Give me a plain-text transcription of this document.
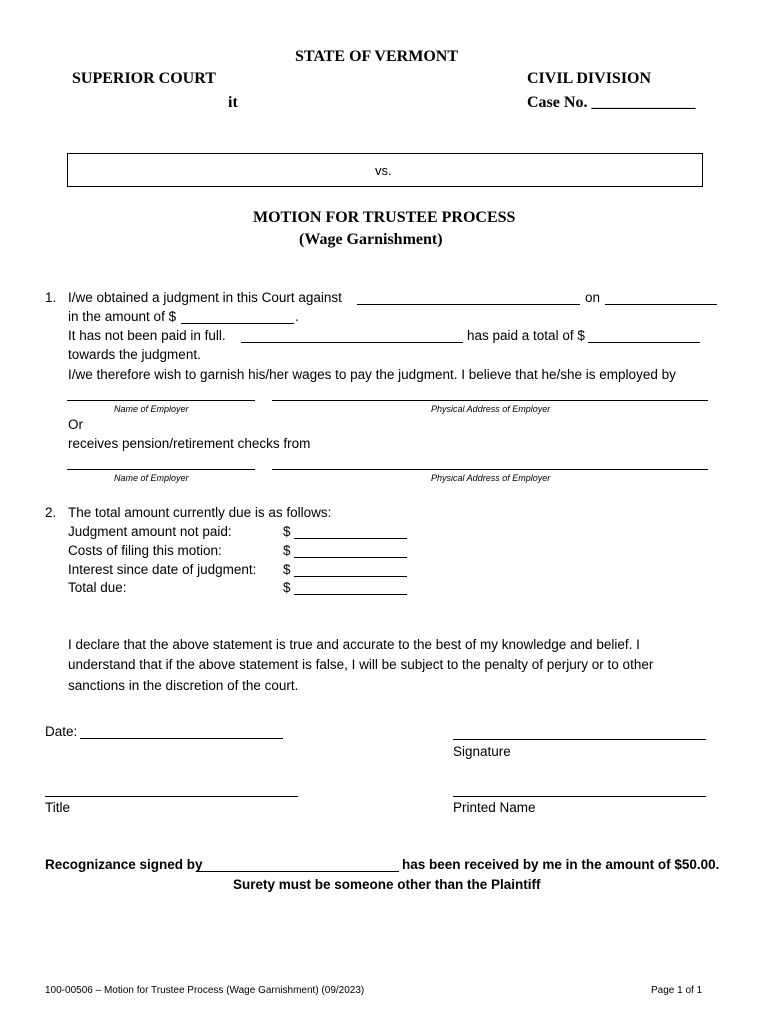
STATE OF VERMONT
SUPERIOR COURT
it
CIVIL DIVISION
Case No. _____________
vs.
MOTION FOR TRUSTEE PROCESS
(Wage Garnishment)
1. I/we obtained a judgment in this Court against	on
in the amount of $	.
It has not been paid in full.	has paid a total of $
towards the judgment.
I/we therefore wish to garnish his/her wages to pay the judgment. I believe that he/she is employed by
Name of Employer	Physical Address of Employer
Or
receives pension/retirement checks from
Name of Employer	Physical Address of Employer
2. The total amount currently due is as follows:
Judgment amount not paid:	$
Costs of filing this motion:	$
Interest since date of judgment: $
Total due:	$
I declare that the above statement is true and accurate to the best of my knowledge and belief. I
understand that if the above statement is false, I will be subject to the penalty of perjury or to other
sanctions in the discretion of the court.
Date:
Signature
Title	Printed Name
Recognizance signed by	has been received by me in the amount of $50.00.
Surety must be someone other than the Plaintiff
100-00506 – Motion for Trustee Process (Wage Garnishment) (09/2023)	Page 1 of 1
